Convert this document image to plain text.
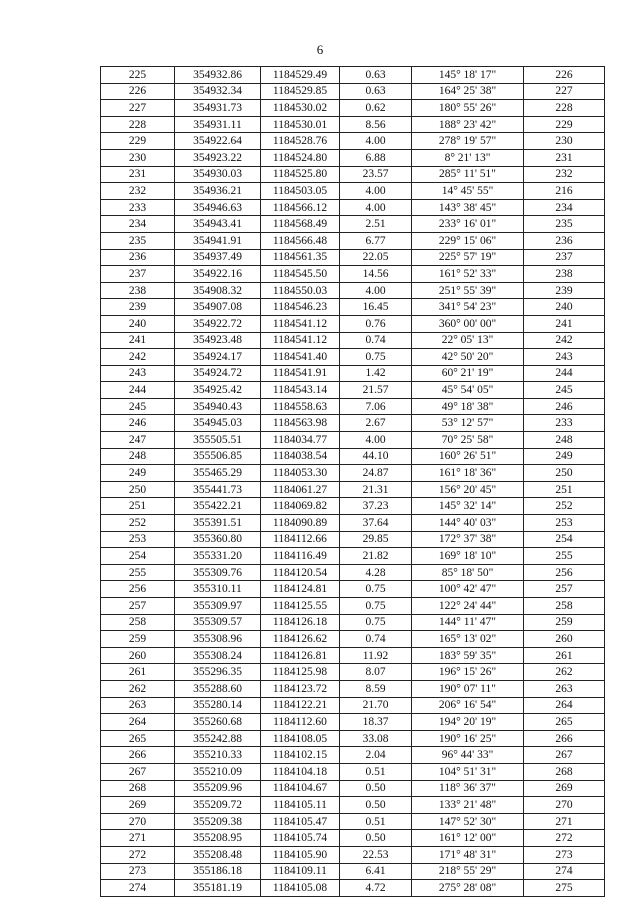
6
225	354932.86	1184529.49	0.63	145° 18' 17"	226
226	354932.34	1184529.85	0.63	164° 25' 38"	227
227	354931.73	1184530.02	0.62	180° 55' 26"	228
228	354931.11	1184530.01	8.56	188° 23' 42"	229
229	354922.64	1184528.76	4.00	278° 19' 57"	230
230	354923.22	1184524.80	6.88	8° 21' 13"	231
231	354930.03	1184525.80	23.57	285° 11' 51"	232
232	354936.21	1184503.05	4.00	14° 45' 55"	216
233	354946.63	1184566.12	4.00	143° 38' 45"	234
234	354943.41	1184568.49	2.51	233° 16' 01"	235
235	354941.91	1184566.48	6.77	229° 15' 06"	236
236	354937.49	1184561.35	22.05	225° 57' 19"	237
237	354922.16	1184545.50	14.56	161° 52' 33"	238
238	354908.32	1184550.03	4.00	251° 55' 39"	239
239	354907.08	1184546.23	16.45	341° 54' 23"	240
240	354922.72	1184541.12	0.76	360° 00' 00"	241
241	354923.48	1184541.12	0.74	22° 05' 13"	242
242	354924.17	1184541.40	0.75	42° 50' 20"	243
243	354924.72	1184541.91	1.42	60° 21' 19"	244
244	354925.42	1184543.14	21.57	45° 54' 05"	245
245	354940.43	1184558.63	7.06	49° 18' 38"	246
246	354945.03	1184563.98	2.67	53° 12' 57"	233
247	355505.51	1184034.77	4.00	70° 25' 58"	248
248	355506.85	1184038.54	44.10	160° 26' 51"	249
249	355465.29	1184053.30	24.87	161° 18' 36"	250
250	355441.73	1184061.27	21.31	156° 20' 45"	251
251	355422.21	1184069.82	37.23	145° 32' 14"	252
252	355391.51	1184090.89	37.64	144° 40' 03"	253
253	355360.80	1184112.66	29.85	172° 37' 38"	254
254	355331.20	1184116.49	21.82	169° 18' 10"	255
255	355309.76	1184120.54	4.28	85° 18' 50"	256
256	355310.11	1184124.81	0.75	100° 42' 47"	257
257	355309.97	1184125.55	0.75	122° 24' 44"	258
258	355309.57	1184126.18	0.75	144° 11' 47"	259
259	355308.96	1184126.62	0.74	165° 13' 02"	260
260	355308.24	1184126.81	11.92	183° 59' 35"	261
261	355296.35	1184125.98	8.07	196° 15' 26"	262
262	355288.60	1184123.72	8.59	190° 07' 11"	263
263	355280.14	1184122.21	21.70	206° 16' 54"	264
264	355260.68	1184112.60	18.37	194° 20' 19"	265
265	355242.88	1184108.05	33.08	190° 16' 25"	266
266	355210.33	1184102.15	2.04	96° 44' 33"	267
267	355210.09	1184104.18	0.51	104° 51' 31"	268
268	355209.96	1184104.67	0.50	118° 36' 37"	269
269	355209.72	1184105.11	0.50	133° 21' 48"	270
270	355209.38	1184105.47	0.51	147° 52' 30"	271
271	355208.95	1184105.74	0.50	161° 12' 00"	272
272	355208.48	1184105.90	22.53	171° 48' 31"	273
273	355186.18	1184109.11	6.41	218° 55' 29"	274
274	355181.19	1184105.08	4.72	275° 28' 08"	275
